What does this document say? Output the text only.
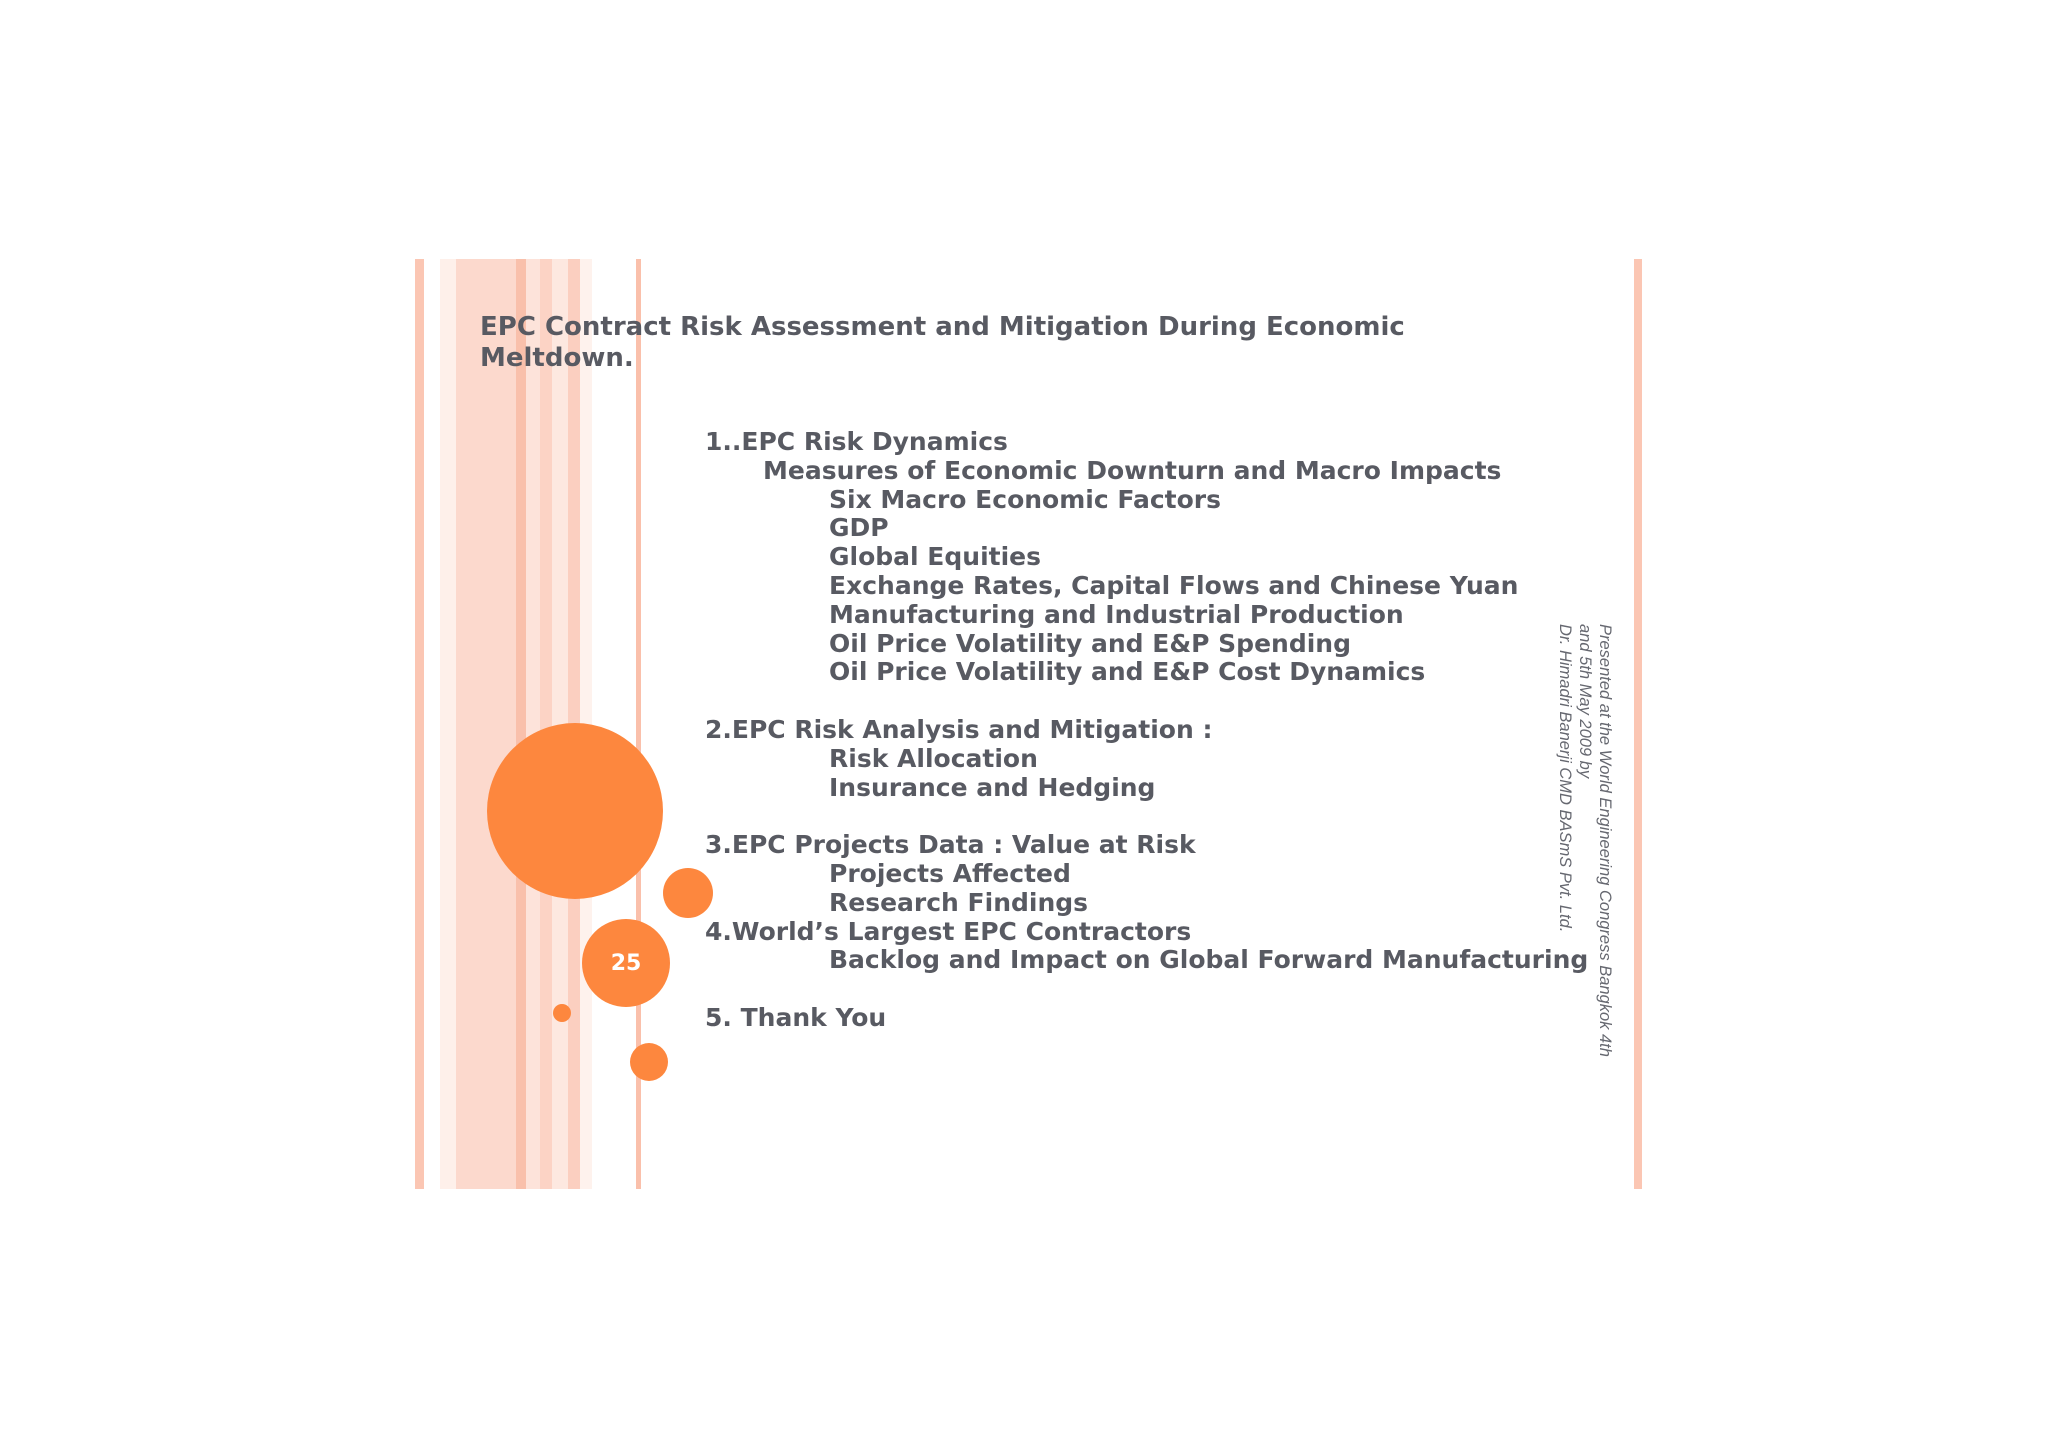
25
EPC Contract Risk Assessment and Mitigation During Economic
Meltdown.
1..EPC Risk Dynamics
Measures of Economic Downturn and Macro Impacts
Six Macro Economic Factors
GDP
Global Equities
Exchange Rates, Capital Flows and Chinese Yuan
Manufacturing and Industrial Production
Oil Price Volatility and E&P Spending
Oil Price Volatility and E&P Cost Dynamics
2.EPC Risk Analysis and Mitigation :
Risk Allocation
Insurance and Hedging
3.EPC Projects Data : Value at Risk
Projects Affected
Research Findings
4.World’s Largest EPC Contractors
Backlog and Impact on Global Forward Manufacturing
5. Thank You	Presented at the World Engineering Congress Bangkok 4th
and 5th May 2009 by
Dr. Himadri Banerji CMD BASmS Pvt. Ltd.
